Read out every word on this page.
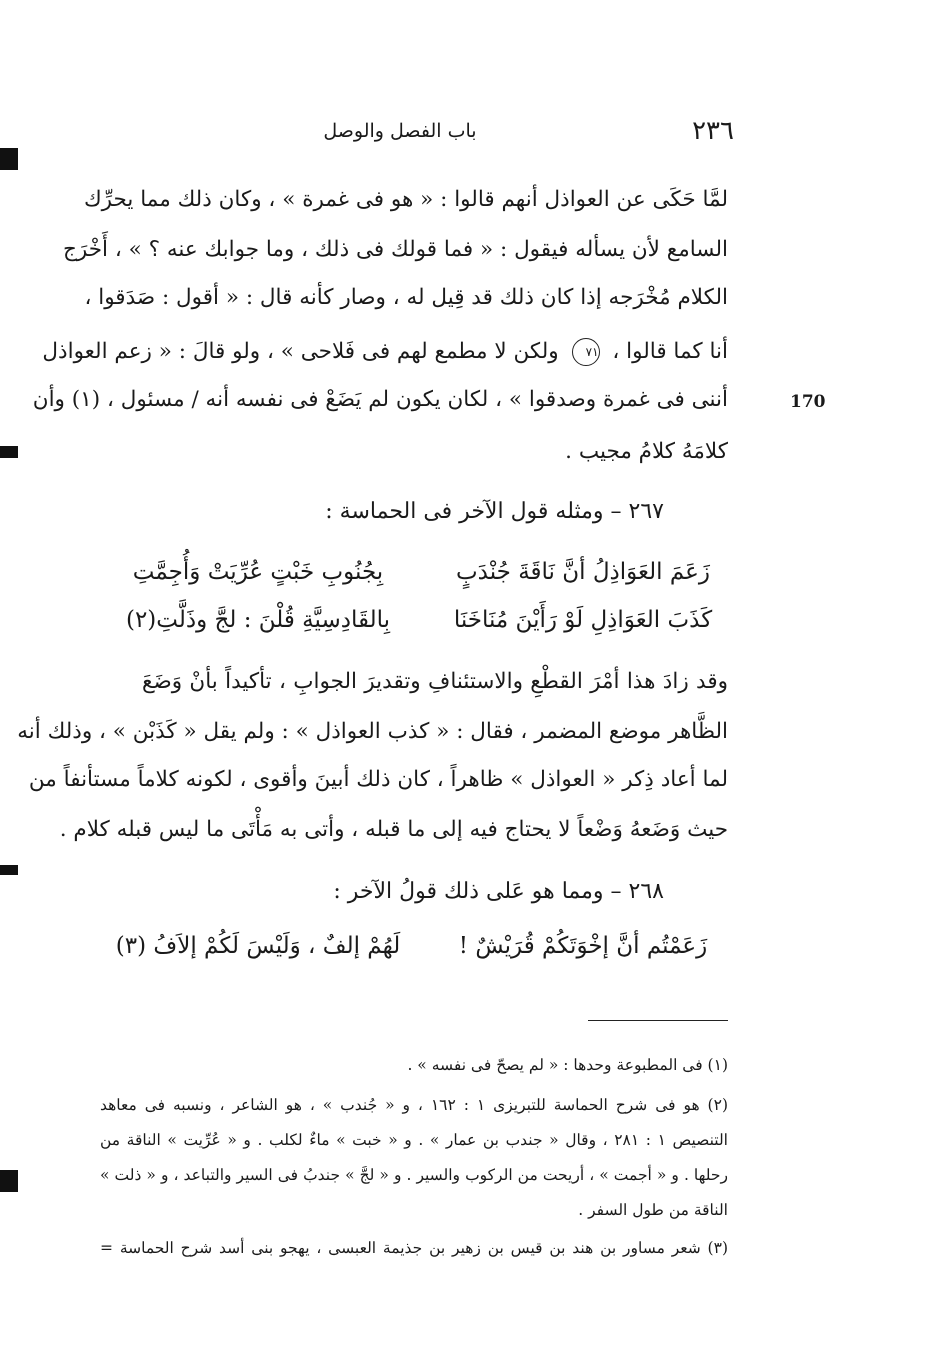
٢٣٦
باب الفصل والوصل
170
لمَّا حَكَى عن العواذل أنهم قالوا : « هو فى غمرة » ، وكان ذلك مما يحرِّك
السامع لأن يسأله فيقول : « فما قولك فى ذلك ، وما جوابك عنه ؟ » ، أَخْرَج
الكلام مُخْرَجه إذا كان ذلك قد قِيل له ، وصار كأنه قال : « أقول : صَدَقوا ،
أنا كما قالوا ، ٧١ ولكن لا مطمع لهم فى فَلاحى » ، ولو قالَ : « زعم العواذل
أننى فى غمرة وصدقوا » ، لكان يكون لم يَضَعْ فى نفسه أنه / مسئول ، (١) وأن
كلامَهُ كلامُ مجيب .
٢٦٧ – ومثله قول الآخر فى الحماسة :
زَعَمَ العَوَاذِلُ أنَّ نَاقَةَ جُنْدَبٍ
بِجُنُوبِ خَبْتٍ عُرِّيَتْ وَأُجِمَّتِ
كَذَبَ العَوَاذِلِ لَوْ رَأَيْنَ مُنَاخَنَا
بِالقَادِسِيَّةِ قُلْنَ : لجَّ وذَلَّتِ(٢)
وقد زادَ هذا أمْرَ القطْعِ والاستئنافِ وتقديرَ الجوابِ ، تأكيداً بأنْ وَضَعَ
الظَّاهر موضع المضمر ، فقال : « كذب العواذل » : ولم يقل « كَذَبْن » ، وذلك أنه
لما أعاد ذِكر « العواذل » ظاهراً ، كان ذلك أبينَ وأقوى ، لكونه كلاماً مستأنفاً من
حيث وَضَعهُ وَضْعاً لا يحتاج فيه إلى ما قبله ، وأتى به مَأْتَى ما ليس قبله كلام .
٢٦٨ – ومما هو عَلى ذلك قولُ الآخر :
زَعَمْتُم أنَّ إخْوَتَكُمْ قُرَيْشٌ !
لَهُمْ إلفٌ ، وَلَيْسَ لَكُمْ إلاَفُ (٣)
(١) فى المطبوعة وحدها : « لم يصحّ فى نفسه » .
(٢) هو فى شرح الحماسة للتبريزى ١ : ١٦٢ ، و « جُندب » ، هو الشاعر ، ونسبه فى معاهد
التنصيص ١ : ٢٨١ ، وقال « جندب بن عمار » . و « خبت » ماءٌ لكلب . و « عُرِّيت » الناقة من
رحلها . و « أجمت » ، أريحت من الركوب والسير . و « لجَّ » جندبُ فى السير والتباعد ، و « ذلت »
الناقة من طول السفر .
(٣) شعر مساور بن هند بن قيس بن زهير بن جذيمة العبسى ، يهجو بنى أسد شرح الحماسة =
